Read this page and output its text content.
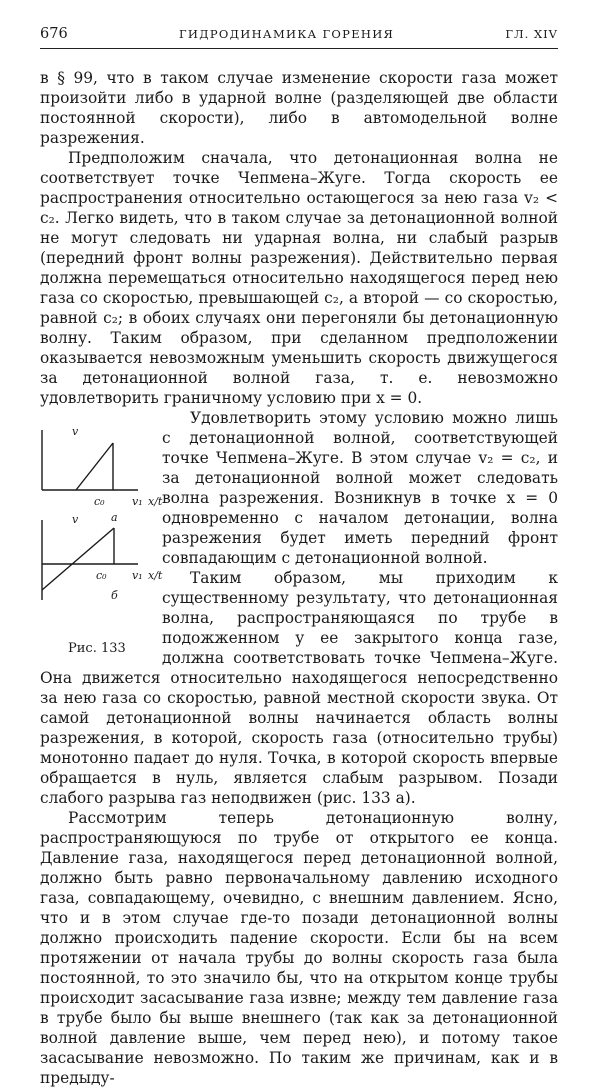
676	ГИДРОДИНАМИКА ГОРЕНИЯ	ГЛ. XIV

в § 99, что в таком случае изменение скорости газа может произойти либо в ударной волне (разделяющей две области постоянной скорости), либо в автомодельной волне разрежения.

Предположим сначала, что детонационная волна не соответствует точке Чепмена–Жуге. Тогда скорость ее распространения относительно остающегося за нею газа v₂ < c₂. Легко видеть, что в таком случае за детонационной волной не могут следовать ни ударная волна, ни слабый разрыв (передний фронт волны разрежения). Действительно первая должна перемещаться относительно находящегося перед нею газа со скоростью, превышающей c₂, а второй — со скоростью, равной c₂; в обоих случаях они перегоняли бы детонационную волну. Таким образом, при сделанном предположении оказывается невозможным уменьшить скорость движущегося за детонационной волной газа, т. е. невозможно удовлетворить граничному условию при x = 0.

v
c₀	v₁ x/t
а
v
c₀	v₁ x/t
б
Рис. 133
Удовлетворить этому условию можно лишь с детонационной волной, соответствующей точке Чепмена–Жуге. В этом случае v₂ = c₂, и за детонационной волной может следовать волна разрежения. Возникнув в точке x = 0 одновременно с началом детонации, волна разрежения будет иметь передний фронт совпадающим с детонационной волной.

Таким образом, мы приходим к существенному результату, что детонационная волна, распространяющаяся по трубе в подожженном у ее закрытого конца газе, должна соответствовать точке Чепмена–Жуге. Она движется относительно находящегося непосредственно за нею газа со скоростью, равной местной скорости звука. От самой детонационной волны начинается область волны разрежения, в которой, скорость газа (относительно трубы) монотонно падает до нуля. Точка, в которой скорость впервые обращается в нуль, является слабым разрывом. Позади слабого разрыва газ неподвижен (рис. 133 а).

Рассмотрим теперь детонационную волну, распространяющуюся по трубе от открытого ее конца. Давление газа, находящегося перед детонационной волной, должно быть равно первоначальному давлению исходного газа, совпадающему, очевидно, с внешним давлением. Ясно, что и в этом случае где-то позади детонационной волны должно происходить падение скорости. Если бы на всем протяжении от начала трубы до волны скорость газа была постоянной, то это значило бы, что на открытом конце трубы происходит засасывание газа извне; между тем давление газа в трубе было бы выше внешнего (так как за детонационной волной давление выше, чем перед нею), и потому такое засасывание невозможно. По таким же причинам, как и в предыду-
